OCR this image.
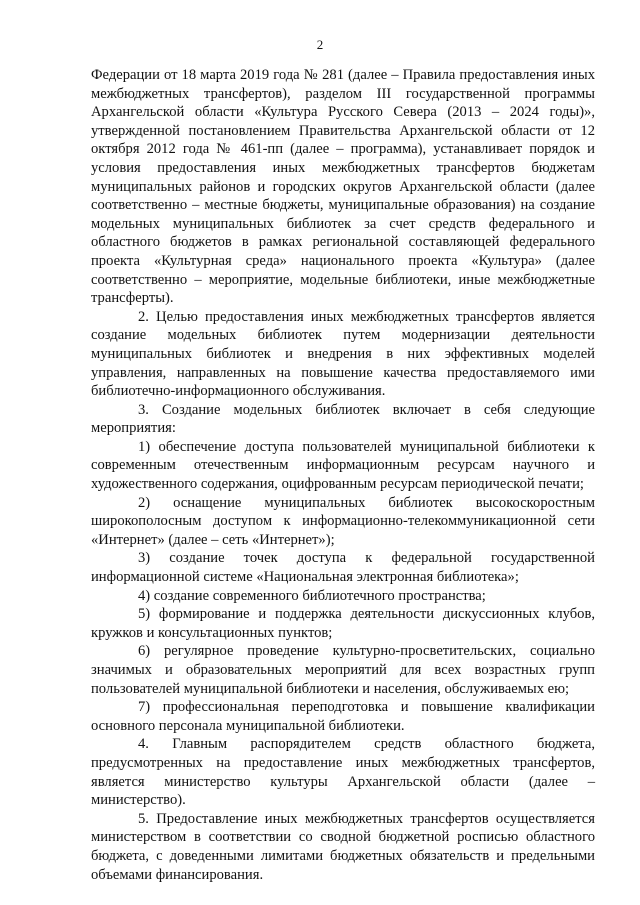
2

Федерации от 18 марта 2019 года № 281 (далее – Правила предоставления иных межбюджетных трансфертов), разделом III государственной программы Архангельской области «Культура Русского Севера (2013 – 2024 годы)», утвержденной постановлением Правительства Архангельской области от 12 октября 2012 года № 461-пп (далее – программа), устанавливает порядок и условия предоставления иных межбюджетных трансфертов бюджетам муниципальных районов и городских округов Архангельской области (далее соответственно – местные бюджеты, муниципальные образования) на создание модельных муниципальных библиотек за счет средств федерального и областного бюджетов в рамках региональной составляющей федерального проекта «Культурная среда» национального проекта «Культура» (далее соответственно – мероприятие, модельные библиотеки, иные межбюджетные трансферты).

2. Целью предоставления иных межбюджетных трансфертов является создание модельных библиотек путем модернизации деятельности муниципальных библиотек и внедрения в них эффективных моделей управления, направленных на повышение качества предоставляемого ими библиотечно-информационного обслуживания.

3. Создание модельных библиотек включает в себя следующие мероприятия:

1) обеспечение доступа пользователей муниципальной библиотеки к современным отечественным информационным ресурсам научного и художественного содержания, оцифрованным ресурсам периодической печати;

2) оснащение муниципальных библиотек высокоскоростным широкополосным доступом к информационно-телекоммуникационной сети «Интернет» (далее – сеть «Интернет»);

3) создание точек доступа к федеральной государственной информационной системе «Национальная электронная библиотека»;

4) создание современного библиотечного пространства;

5) формирование и поддержка деятельности дискуссионных клубов, кружков и консультационных пунктов;

6) регулярное проведение культурно-просветительских, социально значимых и образовательных мероприятий для всех возрастных групп пользователей муниципальной библиотеки и населения, обслуживаемых ею;

7) профессиональная переподготовка и повышение квалификации основного персонала муниципальной библиотеки.

4. Главным распорядителем средств областного бюджета, предусмотренных на предоставление иных межбюджетных трансфертов, является министерство культуры Архангельской области (далее – министерство).

5. Предоставление иных межбюджетных трансфертов осуществляется министерством в соответствии со сводной бюджетной росписью областного бюджета, с доведенными лимитами бюджетных обязательств и предельными объемами финансирования.
